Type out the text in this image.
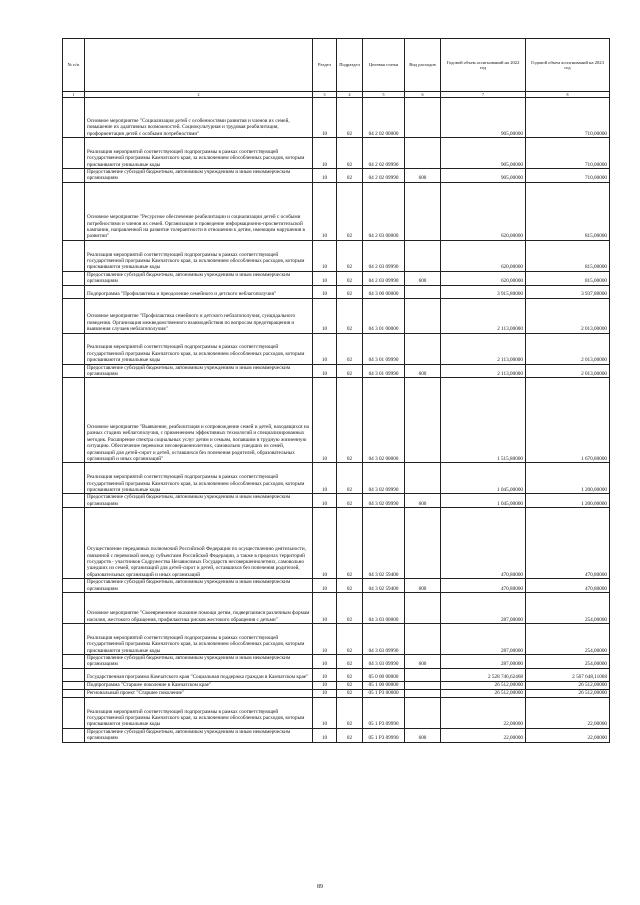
№ п/п		Раздел	Подраздел	Целевая статья	Вид расходов	Годовой объем ассигнований на 2022 год	Годовой объем ассигнований на 2023 год
1	2	3	4	5	6	7	8
	Основное мероприятие "Социализация детей с особенностями развития и членов их семей, повышение их адаптивных возможностей. Социокультурная и трудовая реабилитация, профориентация детей с особыми потребностями"	10	02	04 2 02 00000		905,00000	710,00000
	Реализация мероприятий соответствующей подпрограммы в рамках соответствующей государственной программы Камчатского края, за исключением обособленных расходов, которым присваиваются уникальные коды	10	02	04 2 02 09990		905,00000	710,00000
	Предоставление субсидий бюджетным, автономным учреждениям и иным некоммерческим организациям	10	02	04 2 02 09990	600	905,00000	710,00000
	Основное мероприятие "Ресурсное обеспечение реабилитации и социализации детей с особыми потребностями и членов их семей. Организация и проведение информационно-просветительской кампании, направленной на развитие толерантности в отношении к детям, имеющим нарушения в развитии"	10	02	04 2 03 00000		620,00000	815,00000
	Реализация мероприятий соответствующей подпрограммы в рамках соответствующей государственной программы Камчатского края, за исключением обособленных расходов, которым присваиваются уникальные коды	10	02	04 2 03 09990		620,00000	815,00000
	Предоставление субсидий бюджетным, автономным учреждениям и иным некоммерческим организациям	10	02	04 2 03 09990	600	620,00000	815,00000
	Подпрограмма "Профилактика и преодоление семейного и детского неблагополучия"	10	02	04 3 00 00000		3 915,80000	3 937,80000
	Основное мероприятие "Профилактика семейного и детского неблагополучия, суицидального поведения. Организация межведомственного взаимодействия по вопросам предотвращения и выявления случаев неблагополучия"	10	02	04 3 01 00000		2 113,00000	2 013,00000
	Реализация мероприятий соответствующей подпрограммы в рамках соответствующей государственной программы Камчатского края, за исключением обособленных расходов, которым присваиваются уникальные коды	10	02	04 3 01 09990		2 113,00000	2 013,00000
	Предоставление субсидий бюджетным, автономным учреждениям и иным некоммерческим организациям	10	02	04 3 01 09990	600	2 113,00000	2 013,00000
	Основное мероприятие "Выявление, реабилитация и сопровождение семей и детей, находящихся на разных стадиях неблагополучия, с применением эффективных технологий и специализированных методик. Расширение спектра социальных услуг детям и семьям, попавшим в трудную жизненную ситуацию. Обеспечение перевозки несовершеннолетних, самовольно ушедших из семей, организаций для детей-сирот и детей, оставшихся без попечения родителей, образовательных организаций и иных организаций"	10	02	04 3 02 00000		1 515,80000	1 670,80000
	Реализация мероприятий соответствующей подпрограммы в рамках соответствующей государственной программы Камчатского края, за исключением обособленных расходов, которым присваиваются уникальные коды	10	02	04 3 02 09990		1 045,00000	1 200,00000
	Предоставление субсидий бюджетным, автономным учреждениям и иным некоммерческим организациям	10	02	04 3 02 09990	600	1 045,00000	1 200,00000
	Осуществление переданных полномочий Российской Федерации по осуществлению деятельности, связанной с перевозкой между субъектами Российской Федерации, а также в пределах территорий государств - участников Содружества Независимых Государств несовершеннолетних, самовольно ушедших из семей, организаций для детей-сирот и детей, оставшихся без попечения родителей, образовательных организаций и иных организаций	10	02	04 3 02 59400		470,80000	470,80000
	Предоставление субсидий бюджетным, автономным учреждениям и иным некоммерческим организациям	10	02	04 3 02 59400	600	470,80000	470,80000
	Основное мероприятие "Своевременное оказание помощи детям, подвергшимся различным формам насилия, жестокого обращения, профилактика рисков жестокого обращения с детьми"	10	02	04 3 03 00000		287,00000	254,00000
	Реализация мероприятий соответствующей подпрограммы в рамках соответствующей государственной программы Камчатского края, за исключением обособленных расходов, которым присваиваются уникальные коды	10	02	04 3 03 09990		287,00000	254,00000
	Предоставление субсидий бюджетным, автономным учреждениям и иным некоммерческим организациям	10	02	04 3 03 09990	600	287,00000	254,00000
	Государственная программа Камчатского края "Социальная поддержка граждан в Камчатском крае"	10	02	05 0 00 00000		2 528 746,62468	2 567 648,11068
	Подпрограмма "Старшее поколение в Камчатском крае"	10	02	05 1 00 00000		26 512,00000	26 512,00000
	Региональный проект "Старшее поколение"	10	02	05 1 P3 00000		26 512,00000	26 512,00000
	Реализация мероприятий соответствующей подпрограммы в рамках соответствующей государственной программы Камчатского края, за исключением обособленных расходов, которым присваиваются уникальные коды	10	02	05 1 P3 09990		22,00000	22,00000
	Предоставление субсидий бюджетным, автономным учреждениям и иным некоммерческим организациям	10	02	05 1 P3 09990	600	22,00000	22,00000
89
